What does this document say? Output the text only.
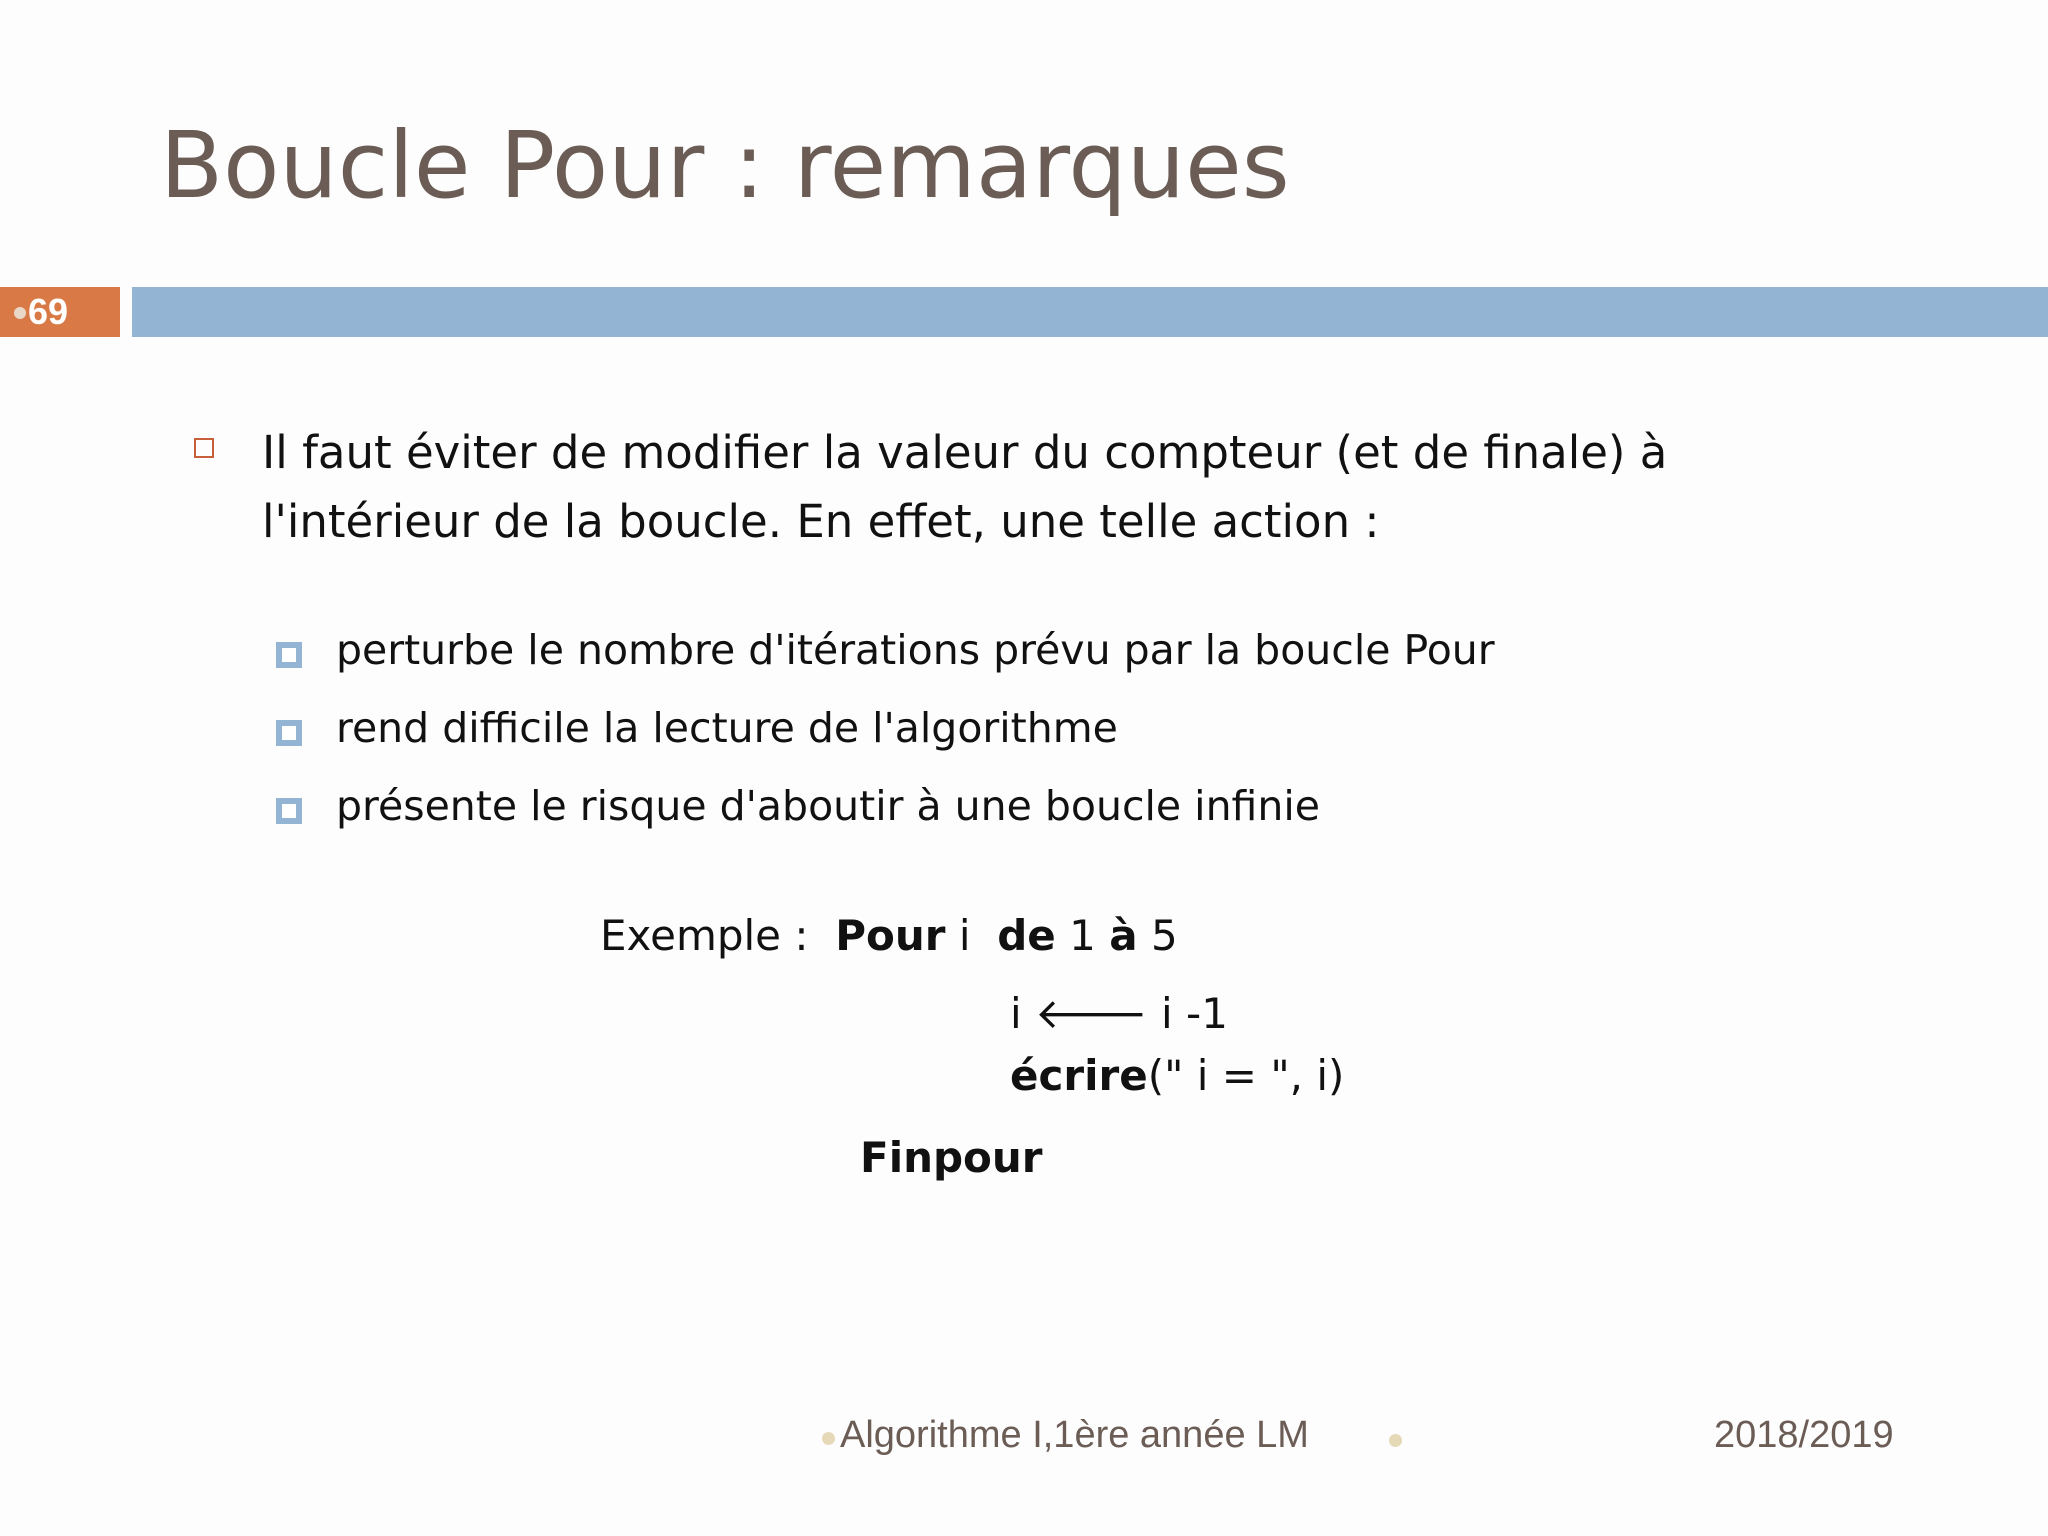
Boucle Pour : remarques
69

Il faut éviter de modifier la valeur du compteur (et de finale) à l'intérieur de la boucle. En effet, une telle action :

perturbe le nombre d'itérations prévu par la boucle Pour
rend difficile la lecture de l'algorithme
présente le risque d'aboutir à une boucle infinie
Exemple : Pour i de 1 à 5
i 🡐 i -1
écrire(" i = ", i)
Finpour
Algorithme I,1ère année LM	2018/2019
